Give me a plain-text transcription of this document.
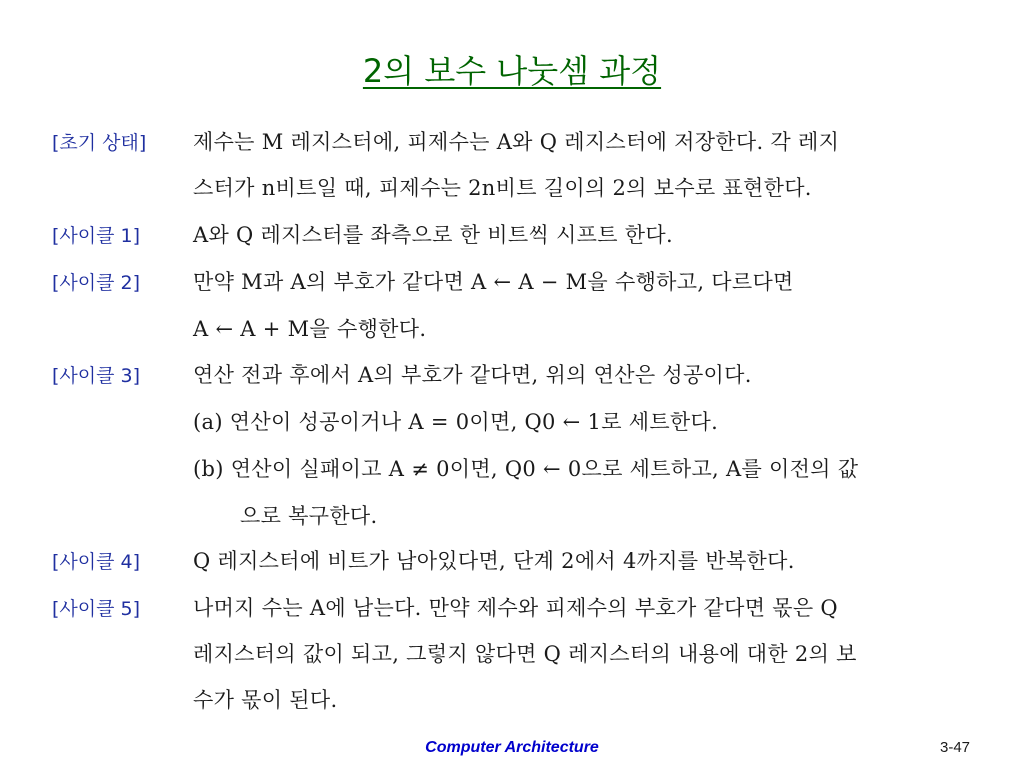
2의 보수 나눗셈 과정
[초기 상태] 제수는 M 레지스터에, 피제수는 A와 Q 레지스터에 저장한다. 각 레지
스터가 n비트일 때, 피제수는 2n비트 길이의 2의 보수로 표현한다.
[사이클 1]	A와 Q 레지스터를 좌측으로 한 비트씩 시프트 한다.
[사이클 2]	만약 M과 A의 부호가 같다면 A ← A − M을 수행하고, 다르다면
A ← A + M을 수행한다.
[사이클 3]	연산 전과 후에서 A의 부호가 같다면, 위의 연산은 성공이다.
(a) 연산이 성공이거나 A = 0이면, Q0 ← 1로 세트한다.
(b) 연산이 실패이고 A ≠ 0이면, Q0 ← 0으로 세트하고, A를 이전의 값
으로 복구한다.
[사이클 4]	Q 레지스터에 비트가 남아있다면, 단계 2에서 4까지를 반복한다.
[사이클 5]	나머지 수는 A에 남는다. 만약 제수와 피제수의 부호가 같다면 몫은 Q
레지스터의 값이 되고, 그렇지 않다면 Q 레지스터의 내용에 대한 2의 보
수가 몫이 된다.
Computer Architecture	3-47
